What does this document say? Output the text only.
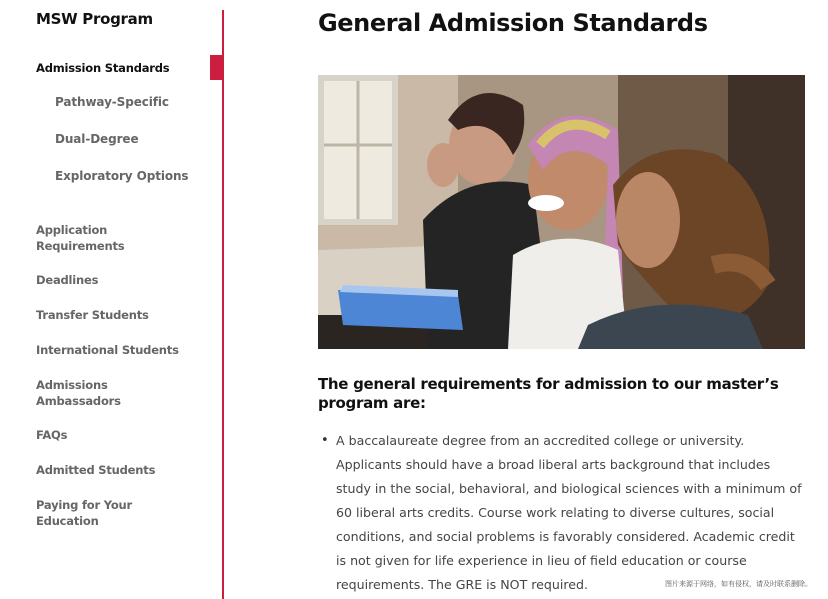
MSW Program
Admission Standards
Pathway-Specific
Dual-Degree
Exploratory Options
Application Requirements
Deadlines
Transfer Students
International Students
Admissions Ambassadors
FAQs
Admitted Students
Paying for Your Education
General Admission Standards
The general requirements for admission to our master’s program are:
• A baccalaureate degree from an accredited college or university. Applicants should have a broad liberal arts background that includes study in the social, behavioral, and biological sciences with a minimum of 60 liberal arts credits. Course work relating to diverse cultures, social conditions, and social problems is favorably considered. Academic credit is not given for life experience in lieu of field education or course requirements. The GRE is NOT required.	图片来源于网络，如有侵权，请及时联系删除。
